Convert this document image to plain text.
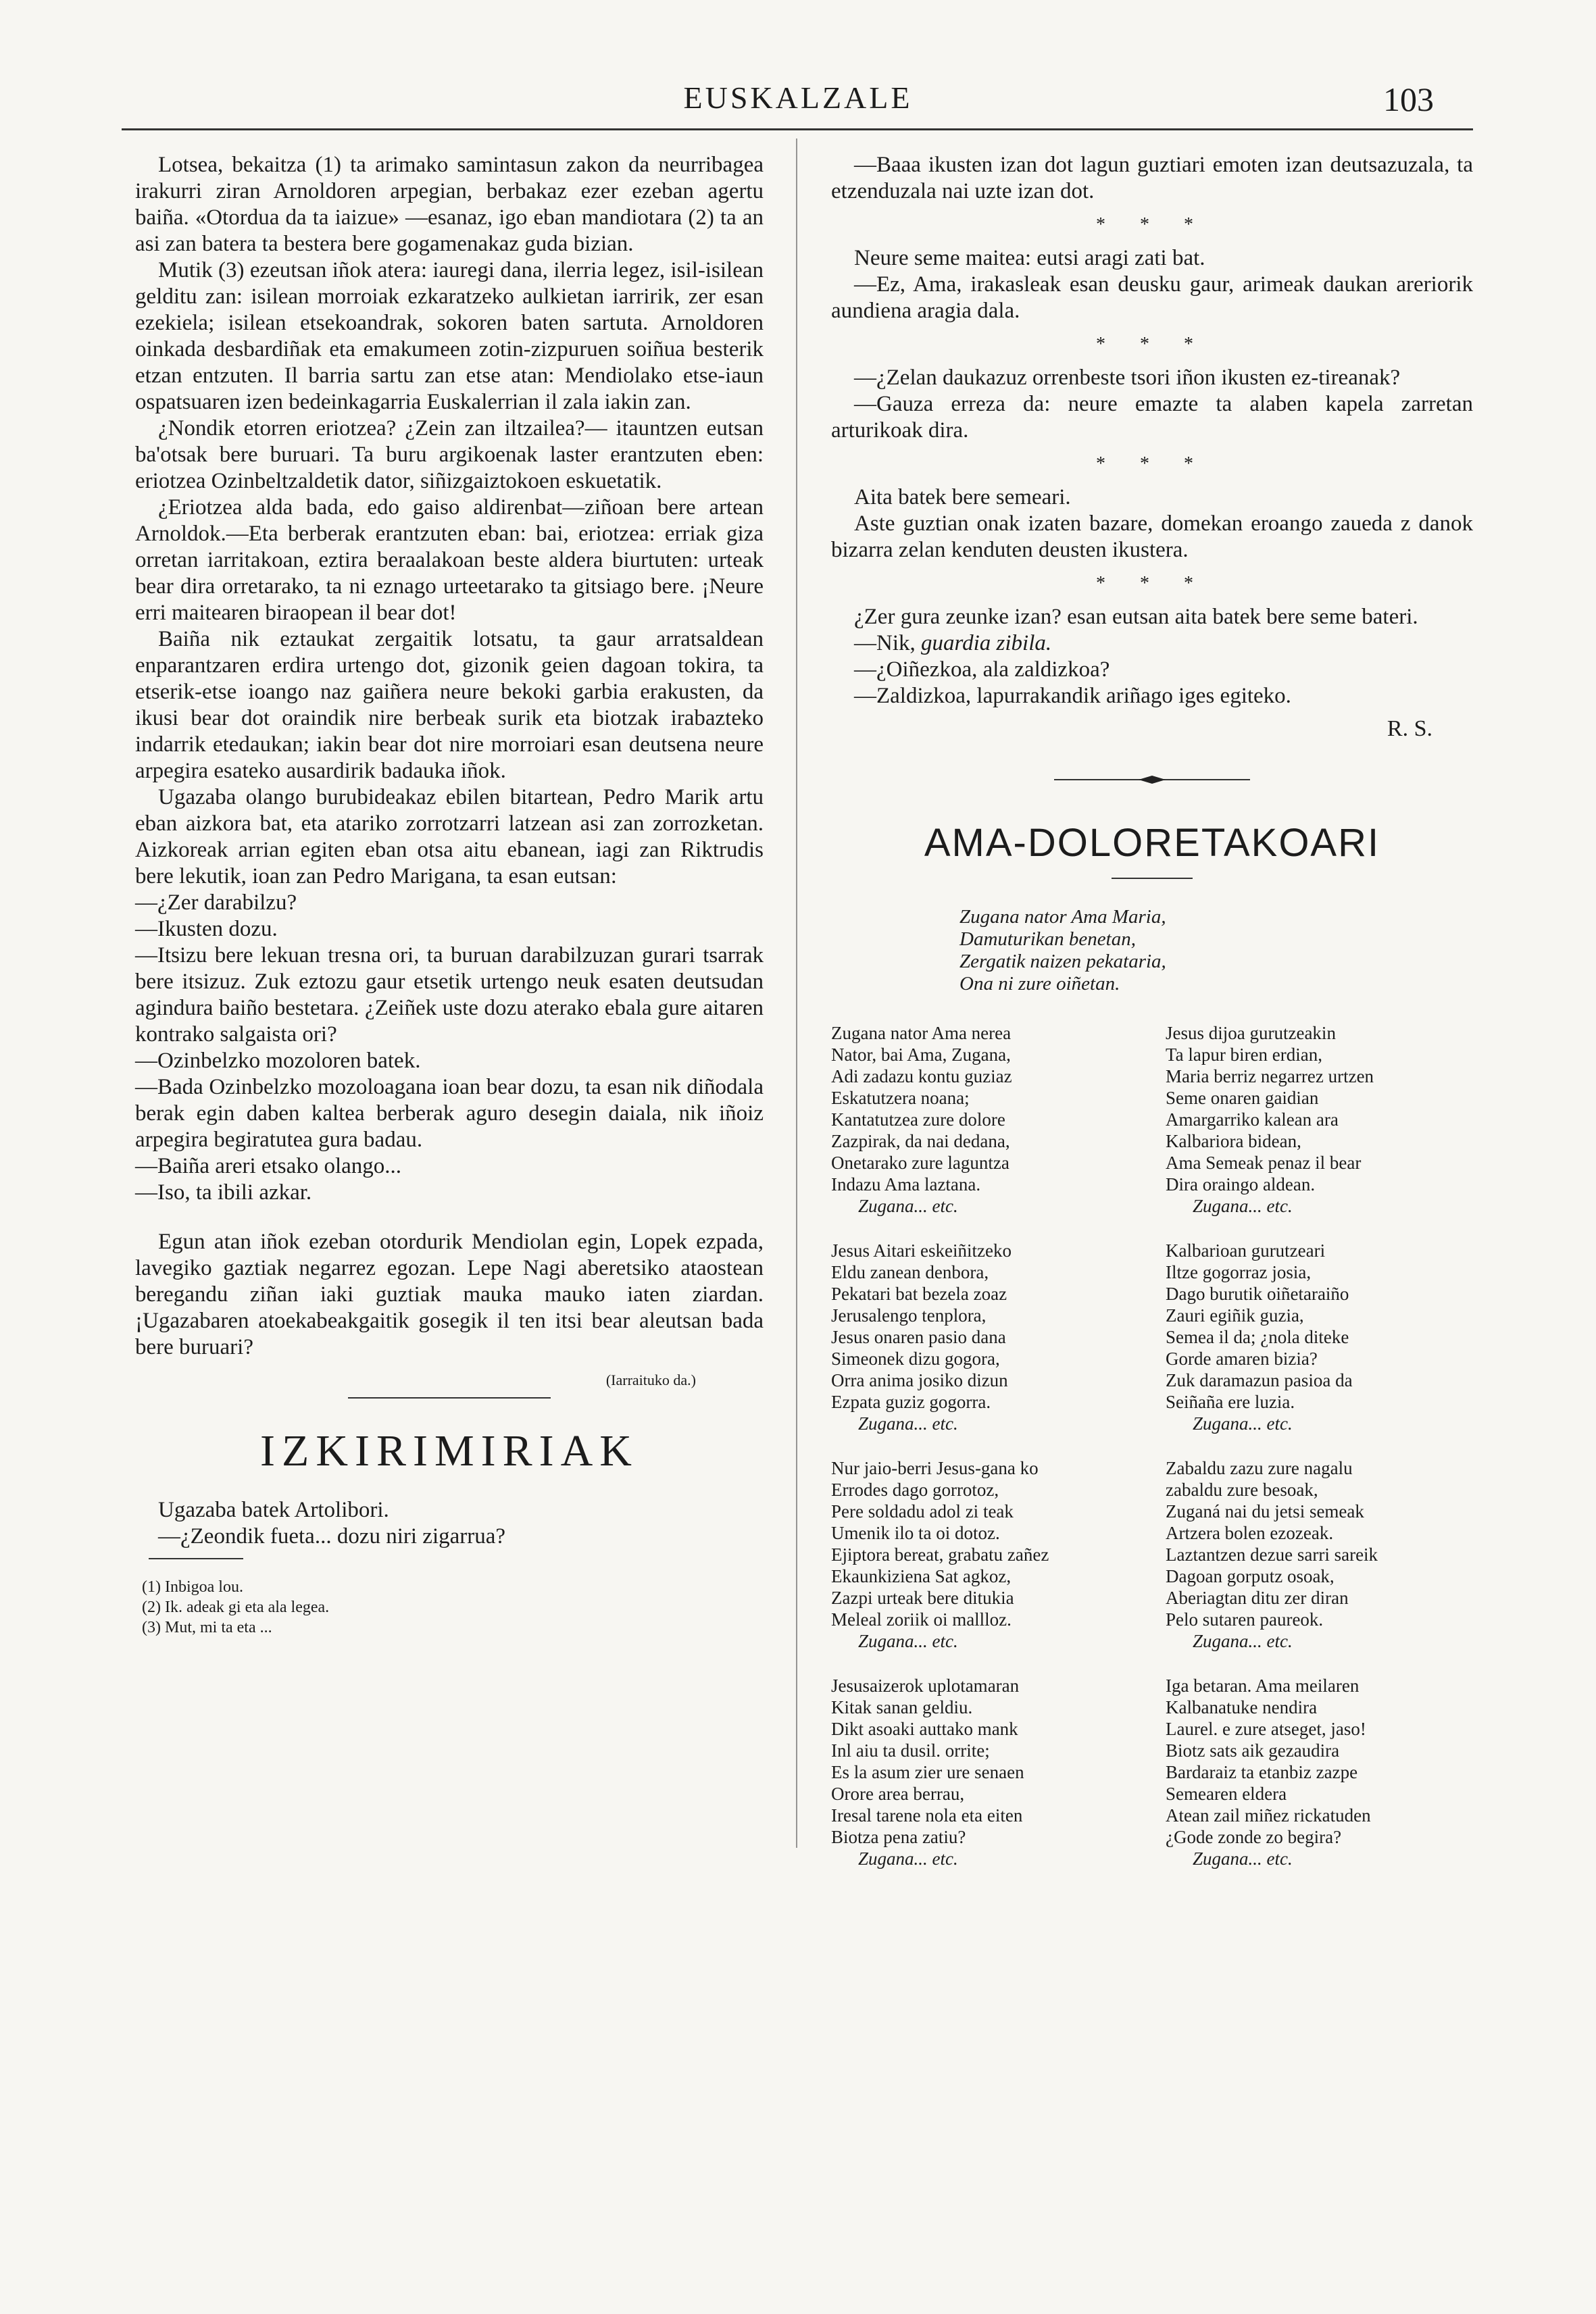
EUSKALZALE	103

Lotsea, bekaitza (1) ta arimako samintasun zakon da neurribagea irakurri ziran Arnoldoren arpegian, berbakaz ezer ezeban agertu baiña. «Otordua da ta iaizue» —esanaz, igo eban mandiotara (2) ta an asi zan batera ta bestera bere gogamenakaz guda bizian.

Mutik (3) ezeutsan iñok atera: iauregi dana, ilerria legez, isil-isilean gelditu zan: isilean morroiak ezkaratzeko aulkietan iarririk, zer esan ezekiela; isilean etsekoandrak, sokoren baten sartuta. Arnoldoren oinkada desbardiñak eta emakumeen zotin-zizpuruen soiñua besterik etzan entzuten. Il barria sartu zan etse atan: Mendiolako etse-iaun ospatsuaren izen bedeinkagarria Euskalerrian il zala iakin zan.

¿Nondik etorren eriotzea? ¿Zein zan iltzailea?— itauntzen eutsan ba'otsak bere buruari. Ta buru argikoenak laster erantzuten eben: eriotzea Ozinbeltzaldetik dator, siñizgaiztokoen eskuetatik.

¿Eriotzea alda bada, edo gaiso aldirenbat—ziñoan bere artean Arnoldok.—Eta berberak erantzuten eban: bai, eriotzea: erriak giza orretan iarritakoan, eztira beraalakoan beste aldera biurtuten: urteak bear dira orretarako, ta ni eznago urteetarako ta gitsiago bere. ¡Neure erri maitearen biraopean il bear dot!

Baiña nik eztaukat zergaitik lotsatu, ta gaur arratsaldean enparantzaren erdira urtengo dot, gizonik geien dagoan tokira, ta etserik-etse ioango naz gaiñera neure bekoki garbia erakusten, da ikusi bear dot oraindik nire berbeak surik eta biotzak irabazteko indarrik etedaukan; iakin bear dot nire morroiari esan deutsena neure arpegira esateko ausardirik badauka iñok.

Ugazaba olango burubideakaz ebilen bitartean, Pedro Marik artu eban aizkora bat, eta atariko zorrotzarri latzean asi zan zorrozketan. Aizkoreak arrian egiten eban otsa aitu ebanean, iagi zan Riktrudis bere lekutik, ioan zan Pedro Marigana, ta esan eutsan:

—¿Zer darabilzu?

—Ikusten dozu.

—Itsizu bere lekuan tresna ori, ta buruan darabilzuzan gurari tsarrak bere itsizuz. Zuk eztozu gaur etsetik urtengo neuk esaten deutsudan agindura baiño bestetara. ¿Zeiñek uste dozu aterako ebala gure aitaren kontrako salgaista ori?

—Ozinbelzko mozoloren batek.

—Bada Ozinbelzko mozoloagana ioan bear dozu, ta esan nik diñodala berak egin daben kaltea berberak aguro desegin daiala, nik iñoiz arpegira begiratutea gura badau.

—Baiña areri etsako olango...

—Iso, ta ibili azkar.

Egun atan iñok ezeban otordurik Mendiolan egin, Lopek ezpada, lavegiko gaztiak negarrez egozan. Lepe Nagi aberetsiko ataostean beregandu ziñan iaki guztiak mauka mauko iaten ziardan. ¡Ugazabaren atoekabeakgaitik gosegik il ten itsi bear aleutsan bada bere buruari?

(Iarraituko da.)
IZKIRIMIRIAK

Ugazaba batek Artolibori.

—¿Zeondik fueta... dozu niri zigarrua?

(1) Inbigoa lou.
(2) Ik. adeak gi eta ala legea.
(3) Mut, mi ta eta ...

—Baaa ikusten izan dot lagun guztiari emoten izan deutsazuzala, ta etzenduzala nai uzte izan dot.

* * *

Neure seme maitea: eutsi aragi zati bat.

—Ez, Ama, irakasleak esan deusku gaur, arimeak daukan areriorik aundiena aragia dala.

* * *

—¿Zelan daukazuz orrenbeste tsori iñon ikusten ez-tireanak?

—Gauza erreza da: neure emazte ta alaben kapela zarretan arturikoak dira.

* * *

Aita batek bere semeari.

Aste guztian onak izaten bazare, domekan eroango zaueda z danok bizarra zelan kenduten deusten ikustera.

* * *

¿Zer gura zeunke izan? esan eutsan aita batek bere seme bateri.

—Nik, guardia zibila.

—¿Oiñezkoa, ala zaldizkoa?

—Zaldizkoa, lapurrakandik ariñago iges egiteko.

R. S.
AMA-DOLORETAKOARI
Zugana nator Ama Maria,
Damuturikan benetan,
Zergatik naizen pekataria,
Ona ni zure oiñetan.
Zugana nator Ama nerea
Nator, bai Ama, Zugana,
Adi zadazu kontu guziaz
Eskatutzera noana;
Kantatutzea zure dolore
Zazpirak, da nai dedana,
Onetarako zure laguntza
Indazu Ama laztana.
Zugana... etc.
Jesus dijoa gurutzeakin
Ta lapur biren erdian,
Maria berriz negarrez urtzen
Seme onaren gaidian
Amargarriko kalean ara
Kalbariora bidean,
Ama Semeak penaz il bear
Dira oraingo aldean.
Zugana... etc.
Jesus Aitari eskeiñitzeko
Eldu zanean denbora,
Pekatari bat bezela zoaz
Jerusalengo tenplora,
Jesus onaren pasio dana
Simeonek dizu gogora,
Orra anima josiko dizun
Ezpata guziz gogorra.
Zugana... etc.
Kalbarioan gurutzeari
Iltze gogorraz josia,
Dago burutik oiñetaraiño
Zauri egiñik guzia,
Semea il da; ¿nola diteke
Gorde amaren bizia?
Zuk daramazun pasioa da
Seiñaña ere luzia.
Zugana... etc.
Nur jaio-berri Jesus-gana ko
Errodes dago gorrotoz,
Pere soldadu adol zi teak
Umenik ilo ta oi dotoz.
Ejiptora bereat, grabatu zañez
Ekaunkiziena Sat agkoz,
Zazpi urteak bere ditukia
Meleal zoriik oi mallloz.
Zugana... etc.
Zabaldu zazu zure nagalu
zabaldu zure besoak,
Zuganá nai du jetsi semeak
Artzera bolen ezozeak.
Laztantzen dezue sarri sareik
Dagoan gorputz osoak,
Aberiagtan ditu zer diran
Pelo sutaren paureok.
Zugana... etc.
Jesusaizerok uplotamaran
Kitak sanan geldiu.
Dikt asoaki auttako mank
Inl aiu ta dusil. orrite;
Es la asum zier ure senaen
Orore area berrau,
Iresal tarene nola eta eiten
Biotza pena zatiu?
Zugana... etc.
Iga betaran. Ama meilaren
Kalbanatuke nendira
Laurel. e zure atseget, jaso!
Biotz sats aik gezaudira
Bardaraiz ta etanbiz zazpe
Semearen eldera
Atean zail miñez rickatuden
¿Gode zonde zo begira?
Zugana... etc.
